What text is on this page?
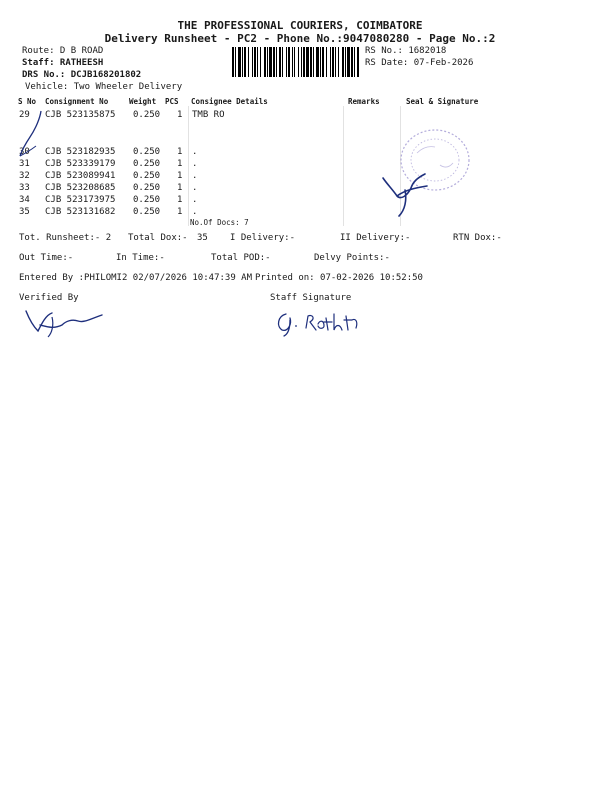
THE PROFESSIONAL COURIERS, COIMBATORE
Delivery Runsheet - PC2 - Phone No.:9047080280 - Page No.:2
Route: D B ROAD
Staff: RATHEESH
DRS No.: DCJB168201802
Vehicle: Two Wheeler Delivery
RS No.: 1682018
RS Date: 07-Feb-2026
S No Consignment No	Weight PCS Consignee Details	Remarks	Seal & Signature
29 CJB 523135875 0.250 1 TMB RO
30 CJB 523182935 0.250 1 .
31 CJB 523339179 0.250 1 .
32 CJB 523089941 0.250 1 .
33 CJB 523208685 0.250 1 .
34 CJB 523173975 0.250 1 .
35 CJB 523131682 0.250 1 .
No.Of Docs: 7
Tot. Runsheet:- 2 Total Dox:- 35 I Delivery:-	II Delivery:-	RTN Dox:-
Out Time:-	In Time:-	Total POD:-	Delvy Points:-
Entered By :PHILOMI2 02/07/2026 10:47:39 AM Printed on: 07-02-2026 10:52:50
Verified By	Staff Signature
